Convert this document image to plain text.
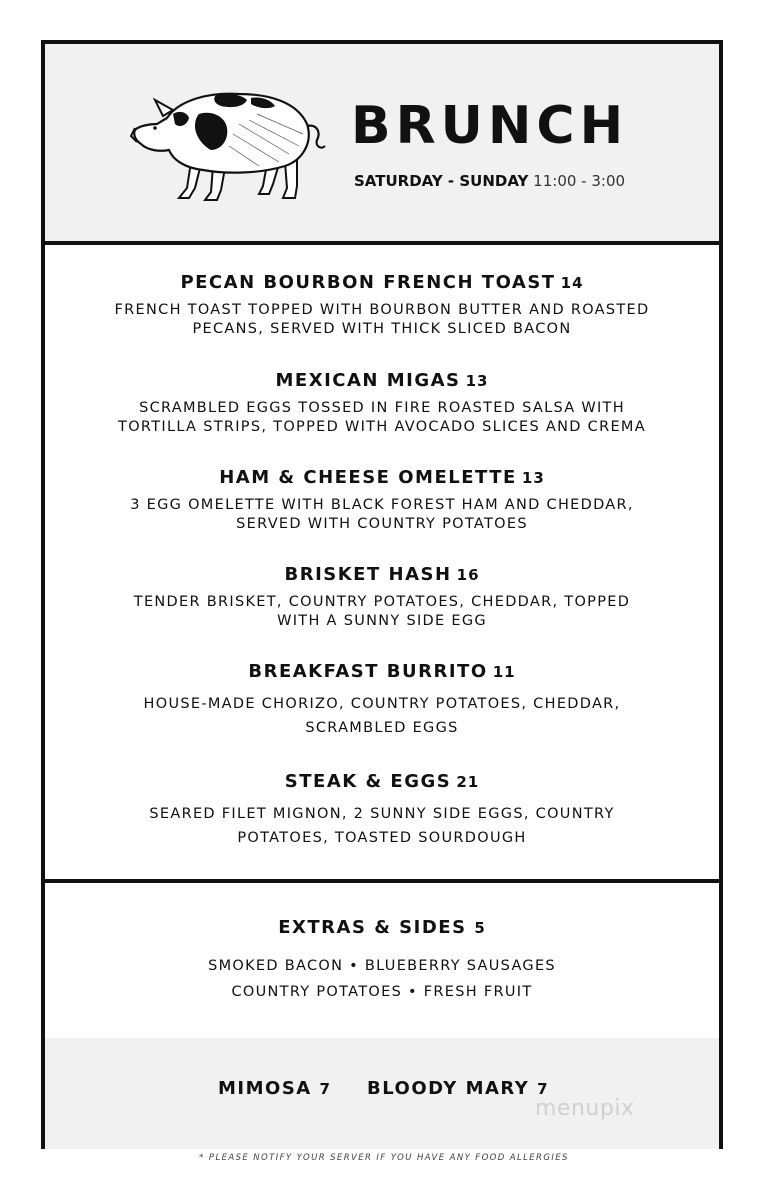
BRUNCH
SATURDAY - SUNDAY 11:00 - 3:00
PECAN BOURBON FRENCH TOAST 14
FRENCH TOAST TOPPED WITH BOURBON BUTTER AND ROASTED
PECANS, SERVED WITH THICK SLICED BACON
MEXICAN MIGAS 13
SCRAMBLED EGGS TOSSED IN FIRE ROASTED SALSA WITH
TORTILLA STRIPS, TOPPED WITH AVOCADO SLICES AND CREMA
HAM & CHEESE OMELETTE 13
3 EGG OMELETTE WITH BLACK FOREST HAM AND CHEDDAR,
SERVED WITH COUNTRY POTATOES
BRISKET HASH 16
TENDER BRISKET, COUNTRY POTATOES, CHEDDAR, TOPPED
WITH A SUNNY SIDE EGG
BREAKFAST BURRITO 11
HOUSE-MADE CHORIZO, COUNTRY POTATOES, CHEDDAR,
SCRAMBLED EGGS
STEAK & EGGS 21
SEARED FILET MIGNON, 2 SUNNY SIDE EGGS, COUNTRY
POTATOES, TOASTED SOURDOUGH
EXTRAS & SIDES 5
SMOKED BACON • BLUEBERRY SAUSAGES
COUNTRY POTATOES • FRESH FRUIT
MIMOSA 7 BLOODY MARY 7
menupix
* PLEASE NOTIFY YOUR SERVER IF YOU HAVE ANY FOOD ALLERGIES
